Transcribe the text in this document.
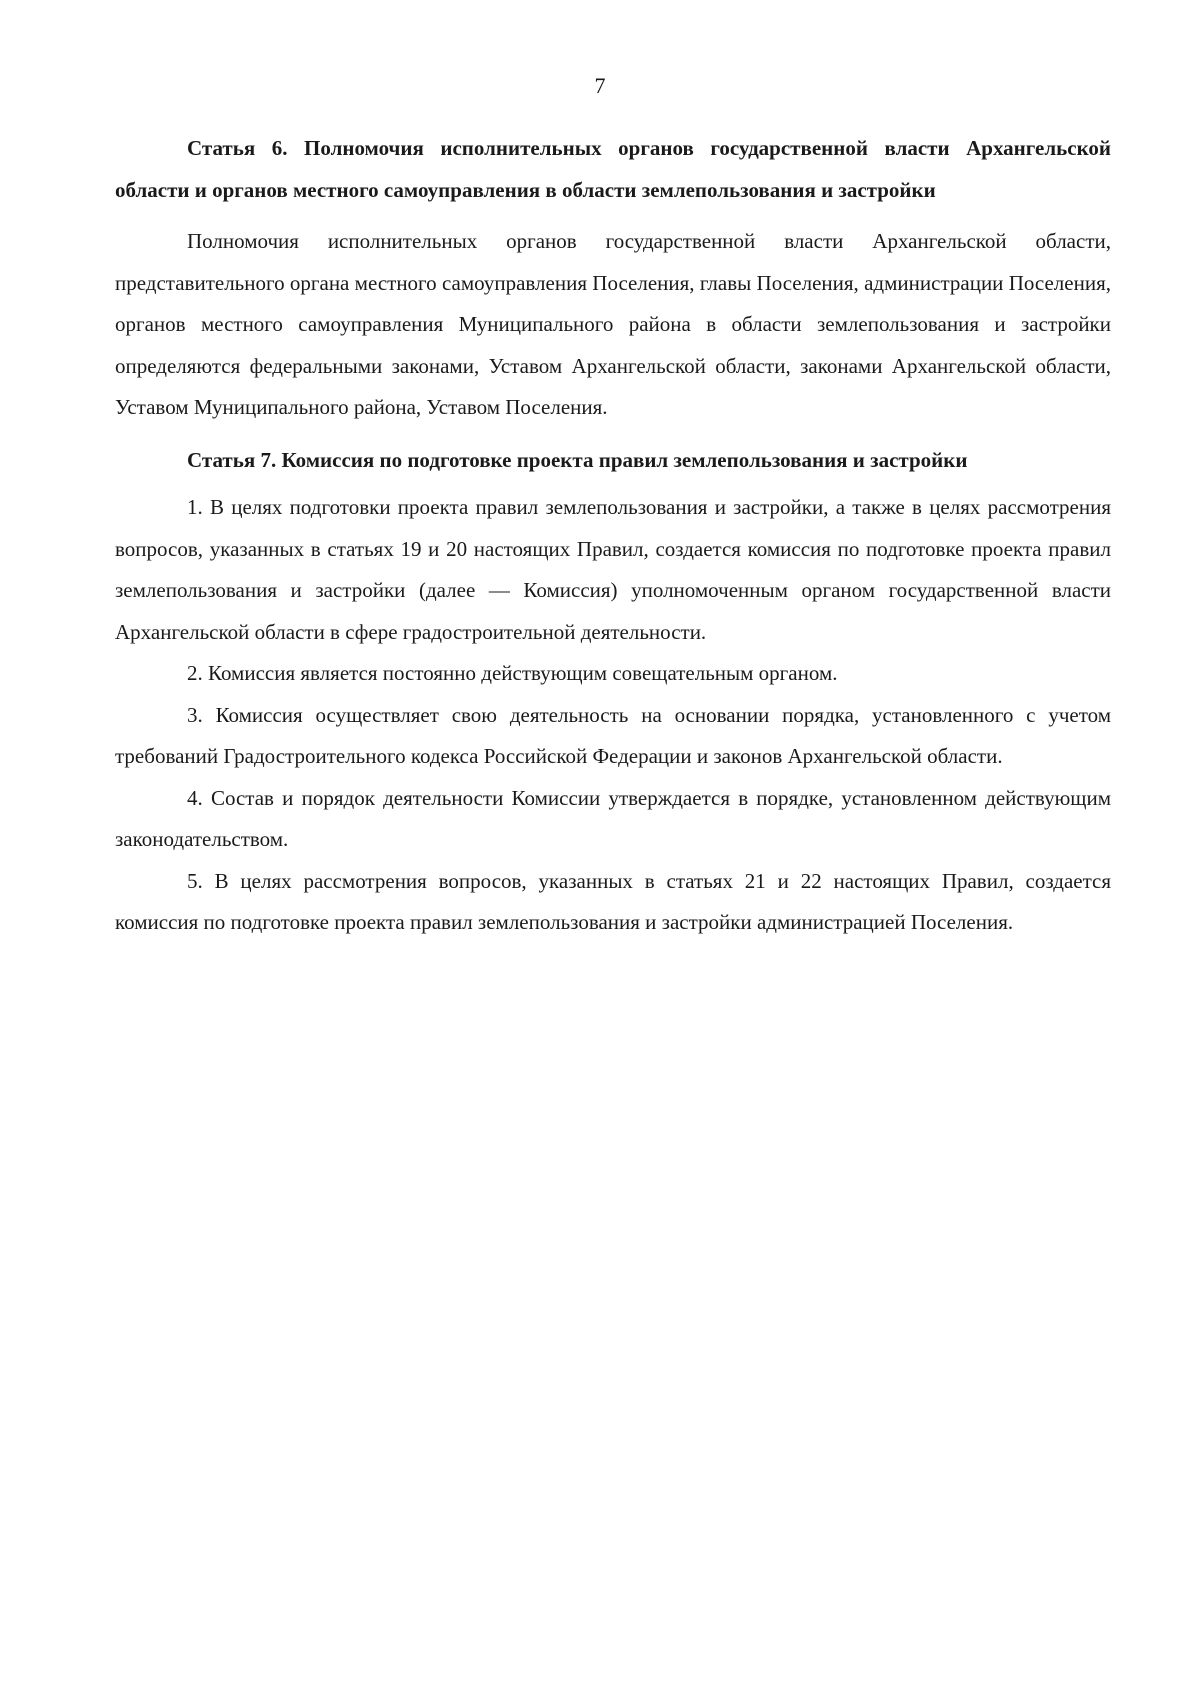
7

Статья 6. Полномочия исполнительных органов государственной власти Архангельской области и органов местного самоуправления в области землепользования и застройки

Полномочия исполнительных органов государственной власти Архангельской области, представительного органа местного самоуправления Поселения, главы Поселения, администрации Поселения, органов местного самоуправления Муниципального района в области землепользования и застройки определяются федеральными законами, Уставом Архангельской области, законами Архангельской области, Уставом Муниципального района, Уставом Поселения.

Статья 7. Комиссия по подготовке проекта правил землепользования и застройки

1. В целях подготовки проекта правил землепользования и застройки, а также в целях рассмотрения вопросов, указанных в статьях 19 и 20 настоящих Правил, создается комиссия по подготовке проекта правил землепользования и застройки (далее — Комиссия) уполномоченным органом государственной власти Архангельской области в сфере градостроительной деятельности.

2. Комиссия является постоянно действующим совещательным органом.

3. Комиссия осуществляет свою деятельность на основании порядка, установленного с учетом требований Градостроительного кодекса Российской Федерации и законов Архангельской области.

4. Состав и порядок деятельности Комиссии утверждается в порядке, установленном действующим законодательством.

5. В целях рассмотрения вопросов, указанных в статьях 21 и 22 настоящих Правил, создается комиссия по подготовке проекта правил землепользования и застройки администрацией Поселения.
